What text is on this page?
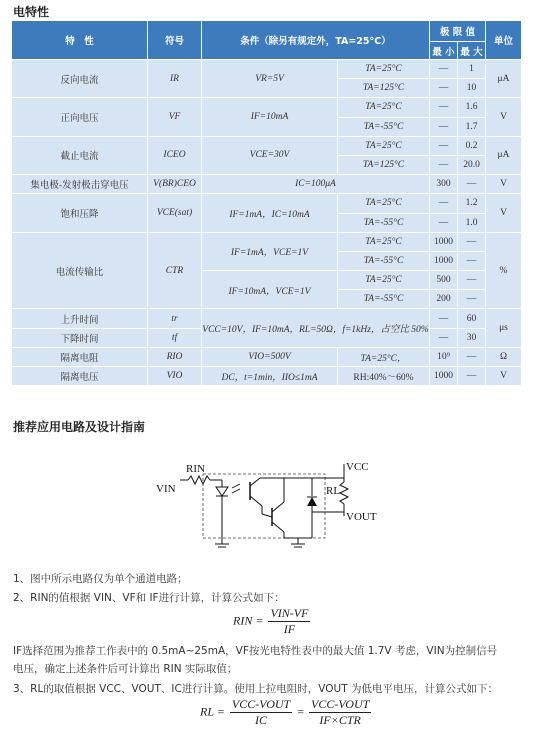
电特性
特　性	符号	条件（除另有规定外，TA=25°C）		极 限 值		单位
				最 小	最 大	
反向电流	IR	VR=5V	TA=25°C	—	1	μA
			TA=125°C	—	10	
正向电压	VF	IF=10mA	TA=25°C	—	1.6	V
			TA=-55°C	—	1.7	
截止电流	ICEO	VCE=30V	TA=25°C	—	0.2	μA
			TA=125°C	—	20.0	
集电极-发射极击穿电压	V(BR)CEO	IC=100μA		300	—	V
饱和压降	VCE(sat)	IF=1mA，IC=10mA	TA=25°C	—	1.2	V
			TA=-55°C	—	1.0	
电流传输比	CTR	IF=1mA，VCE=1V	TA=25°C	1000	—	%
			TA=-55°C	1000	—	
		IF=10mA，VCE=1V	TA=25°C	500	—	
			TA=-55°C	200	—	
上升时间	tr	VCC=10V，IF=10mA，RL=50Ω，f=1kHz，占空比 50%		—	60	μs
下降时间	tf			—	30	
隔离电阻	RIO	VIO=500V	TA=25°C，	10⁹	—	Ω
隔离电压	VIO	DC，t=1min，IIO≤1mA	RH:40%～60%	1000	—	V
推荐应用电路及设计指南
RIN
VIN
VCC
RL
VOUT
1、图中所示电路仅为单个通道电路；
2、RIN的值根据 VIN、VF和 IF进行计算，计算公式如下：
RIN = $\frac{\text{VIN-VF}}{IF}$
IF选择范围为推荐工作表中的 0.5mA~25mA，VF按光电特性表中的最大值 1.7V 考虑，VIN为控制信号
电压，确定上述条件后可计算出 RIN 实际取值；
3、RL的取值根据 VCC、VOUT、IC进行计算。使用上拉电阻时，VOUT 为低电平电压，计算公式如下：
RL = $\frac{\text{VCC-VOUT}}{IC} = \frac{\text{VCC-VOUT}}{\text{IF×CTR}}$
